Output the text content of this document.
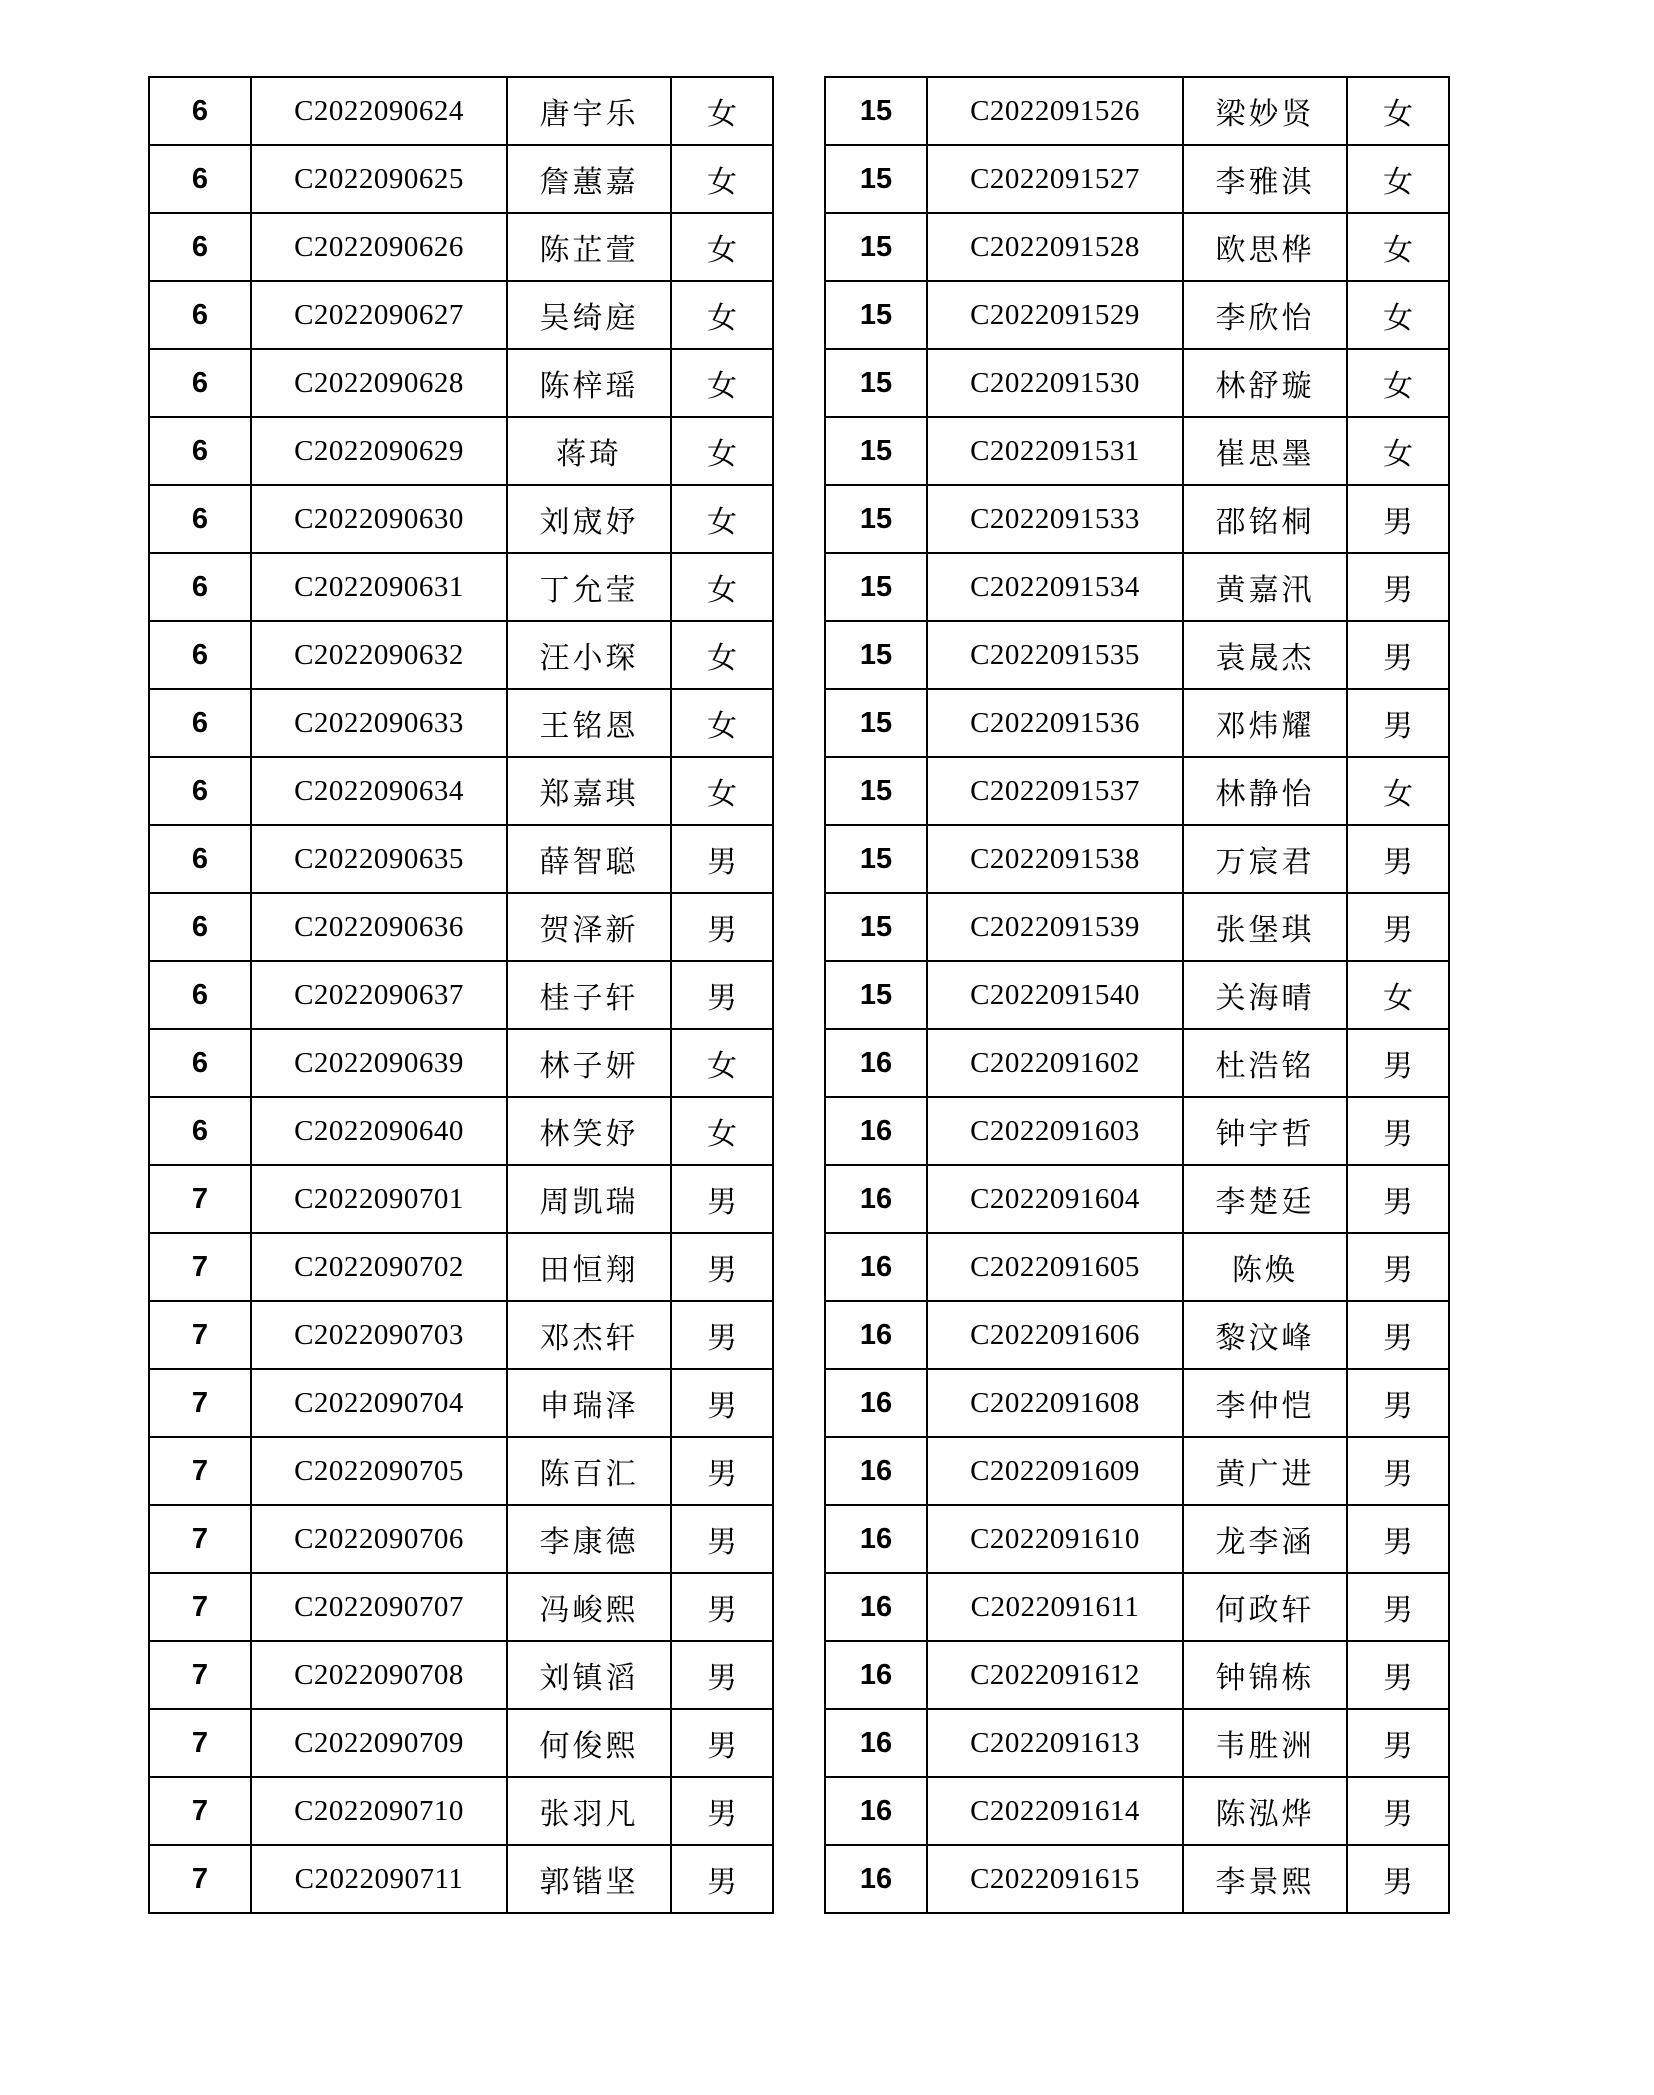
6	C2022090624	唐宇乐	女
6	C2022090625	詹蕙嘉	女
6	C2022090626	陈芷萱	女
6	C2022090627	吴绮庭	女
6	C2022090628	陈梓瑶	女
6	C2022090629	蒋琦	女
6	C2022090630	刘宬妤	女
6	C2022090631	丁允莹	女
6	C2022090632	汪小琛	女
6	C2022090633	王铭恩	女
6	C2022090634	郑嘉琪	女
6	C2022090635	薛智聪	男
6	C2022090636	贺泽新	男
6	C2022090637	桂子轩	男
6	C2022090639	林子妍	女
6	C2022090640	林笑妤	女
7	C2022090701	周凯瑞	男
7	C2022090702	田恒翔	男
7	C2022090703	邓杰轩	男
7	C2022090704	申瑞泽	男
7	C2022090705	陈百汇	男
7	C2022090706	李康德	男
7	C2022090707	冯峻熙	男
7	C2022090708	刘镇滔	男
7	C2022090709	何俊熙	男
7	C2022090710	张羽凡	男
7	C2022090711	郭锴坚	男
15	C2022091526	梁妙贤	女
15	C2022091527	李雅淇	女
15	C2022091528	欧思桦	女
15	C2022091529	李欣怡	女
15	C2022091530	林舒璇	女
15	C2022091531	崔思墨	女
15	C2022091533	邵铭桐	男
15	C2022091534	黄嘉汛	男
15	C2022091535	袁晟杰	男
15	C2022091536	邓炜耀	男
15	C2022091537	林静怡	女
15	C2022091538	万宸君	男
15	C2022091539	张堡琪	男
15	C2022091540	关海晴	女
16	C2022091602	杜浩铭	男
16	C2022091603	钟宇哲	男
16	C2022091604	李楚廷	男
16	C2022091605	陈焕	男
16	C2022091606	黎汶峰	男
16	C2022091608	李仲恺	男
16	C2022091609	黄广进	男
16	C2022091610	龙李涵	男
16	C2022091611	何政轩	男
16	C2022091612	钟锦栋	男
16	C2022091613	韦胜洲	男
16	C2022091614	陈泓烨	男
16	C2022091615	李景熙	男
